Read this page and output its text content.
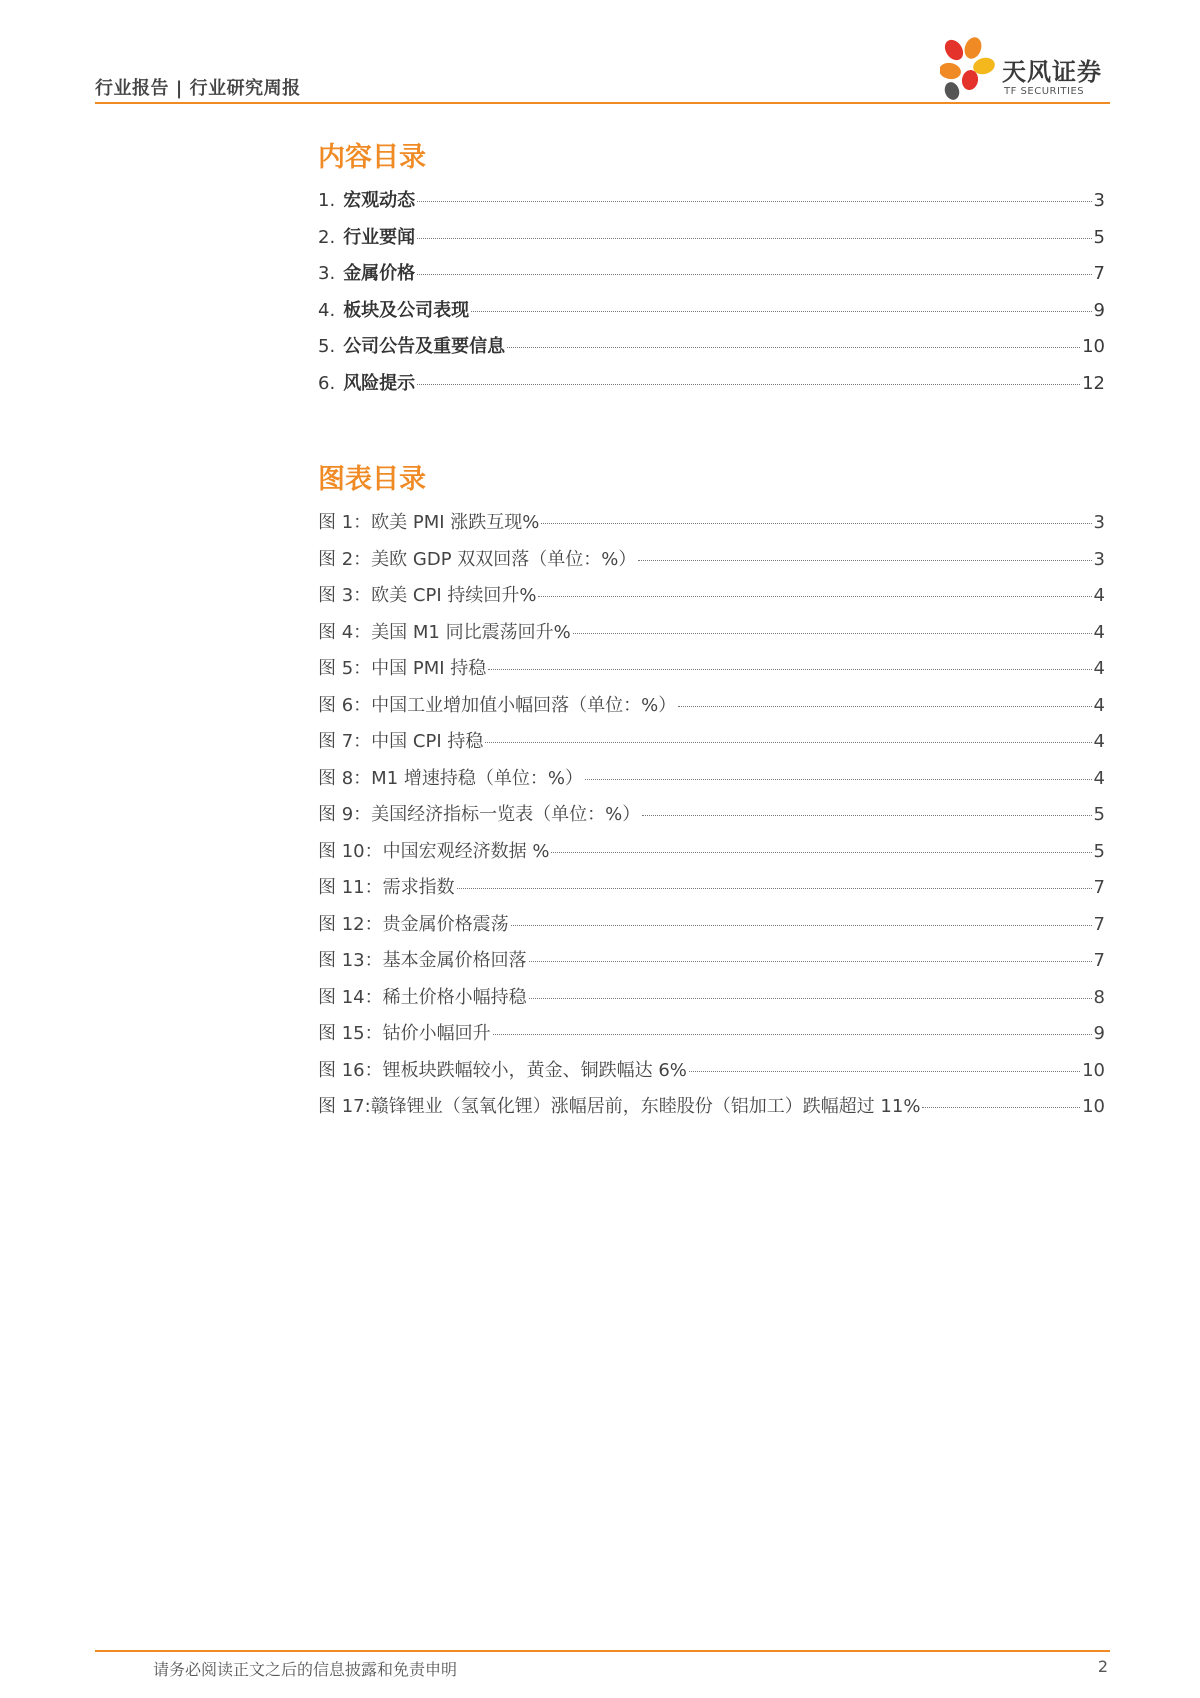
行业报告 | 行业研究周报
天风证券
TF SECURITIES
内容目录
1. 宏观动态	3
2. 行业要闻	5
3. 金属价格	7
4. 板块及公司表现	9
5. 公司公告及重要信息	10
6. 风险提示	12
图表目录
图 1：欧美 PMI 涨跌互现%	3
图 2：美欧 GDP 双双回落（单位：%）	3
图 3：欧美 CPI 持续回升%	4
图 4：美国 M1 同比震荡回升%	4
图 5：中国 PMI 持稳	4
图 6：中国工业增加值小幅回落（单位：%）	4
图 7：中国 CPI 持稳	4
图 8：M1 增速持稳（单位：%）	4
图 9：美国经济指标一览表（单位：%）	5
图 10：中国宏观经济数据 %	5
图 11：需求指数	7
图 12：贵金属价格震荡	7
图 13：基本金属价格回落	7
图 14：稀土价格小幅持稳	8
图 15：钴价小幅回升	9
图 16：锂板块跌幅较小，黄金、铜跌幅达 6%	10
图 17:赣锋锂业（氢氧化锂）涨幅居前，东睦股份（铝加工）跌幅超过 11%	10
请务必阅读正文之后的信息披露和免责申明	2
